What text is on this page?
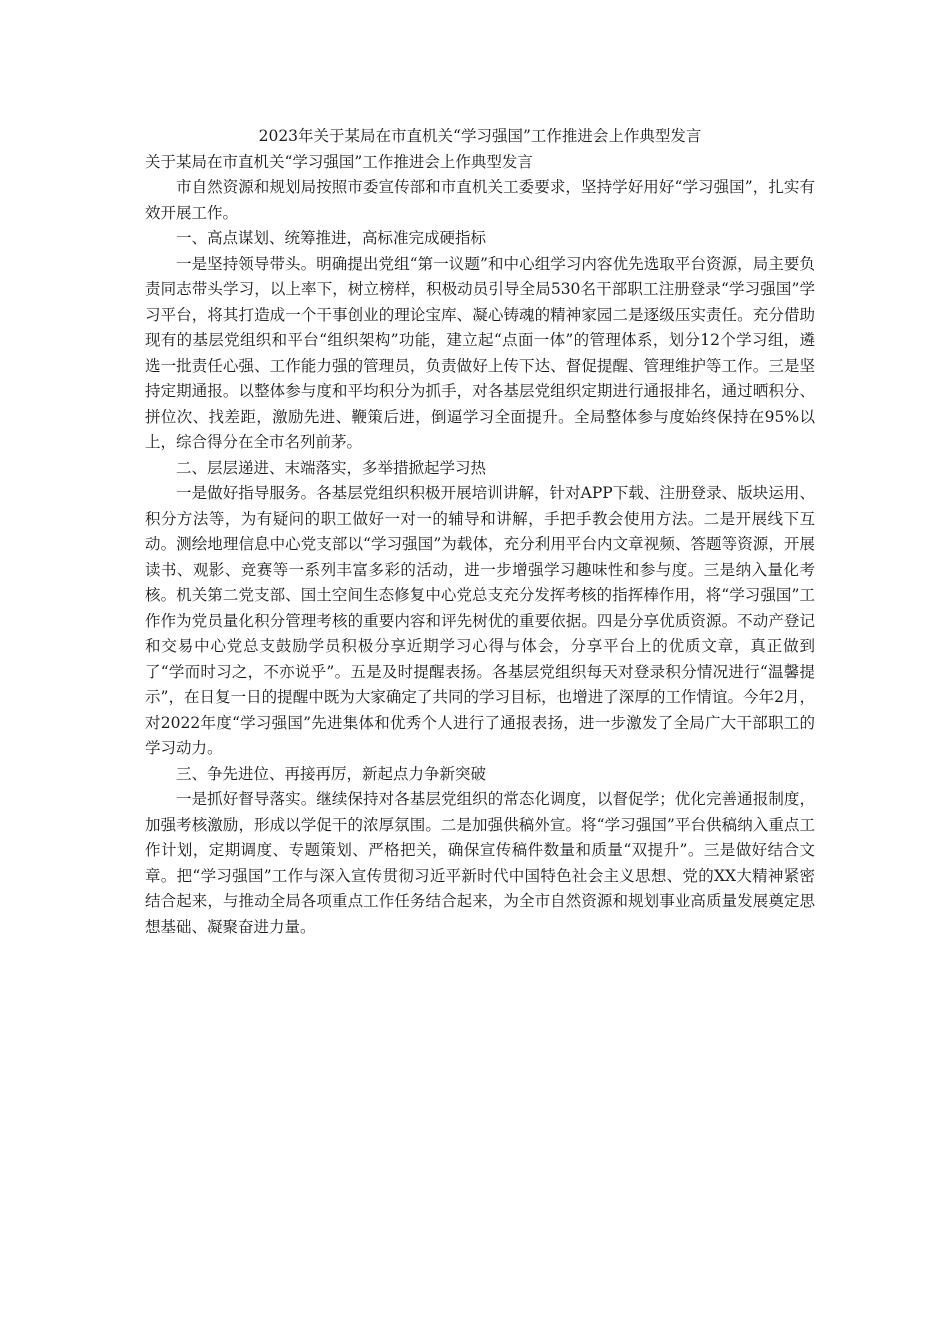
2023年关于某局在市直机关“学习强国”工作推进会上作典型发言

关于某局在市直机关“学习强国”工作推进会上作典型发言

市自然资源和规划局按照市委宣传部和市直机关工委要求，坚持学好用好“学习强国”，扎实有效开展工作。

一、高点谋划、统筹推进，高标准完成硬指标

一是坚持领导带头。明确提出党组“第一议题”和中心组学习内容优先选取平台资源，局主要负责同志带头学习，以上率下，树立榜样，积极动员引导全局530名干部职工注册登录“学习强国”学习平台，将其打造成一个干事创业的理论宝库、凝心铸魂的精神家园二是逐级压实责任。充分借助现有的基层党组织和平台“组织架构”功能，建立起“点面一体”的管理体系，划分12个学习组，遴选一批责任心强、工作能力强的管理员，负责做好上传下达、督促提醒、管理维护等工作。三是坚持定期通报。以整体参与度和平均积分为抓手，对各基层党组织定期进行通报排名，通过晒积分、拼位次、找差距，激励先进、鞭策后进，倒逼学习全面提升。全局整体参与度始终保持在95%以上，综合得分在全市名列前茅。

二、层层递进、末端落实，多举措掀起学习热

一是做好指导服务。各基层党组织积极开展培训讲解，针对APP下载、注册登录、版块运用、积分方法等，为有疑问的职工做好一对一的辅导和讲解，手把手教会使用方法。二是开展线下互动。测绘地理信息中心党支部以“学习强国”为载体，充分利用平台内文章视频、答题等资源，开展读书、观影、竞赛等一系列丰富多彩的活动，进一步增强学习趣味性和参与度。三是纳入量化考核。机关第二党支部、国土空间生态修复中心党总支充分发挥考核的指挥棒作用，将“学习强国”工作作为党员量化积分管理考核的重要内容和评先树优的重要依据。四是分享优质资源。不动产登记和交易中心党总支鼓励学员积极分享近期学习心得与体会，分享平台上的优质文章，真正做到了“学而时习之，不亦说乎”。五是及时提醒表扬。各基层党组织每天对登录积分情况进行“温馨提示”，在日复一日的提醒中既为大家确定了共同的学习目标，也增进了深厚的工作情谊。今年2月，对2022年度“学习强国”先进集体和优秀个人进行了通报表扬，进一步激发了全局广大干部职工的学习动力。

三、争先进位、再接再厉，新起点力争新突破

一是抓好督导落实。继续保持对各基层党组织的常态化调度，以督促学；优化完善通报制度，加强考核激励，形成以学促干的浓厚氛围。二是加强供稿外宣。将“学习强国”平台供稿纳入重点工作计划，定期调度、专题策划、严格把关，确保宣传稿件数量和质量“双提升”。三是做好结合文章。把“学习强国”工作与深入宣传贯彻习近平新时代中国特色社会主义思想、党的XX大精神紧密结合起来，与推动全局各项重点工作任务结合起来，为全市自然资源和规划事业高质量发展奠定思想基础、凝聚奋进力量。
